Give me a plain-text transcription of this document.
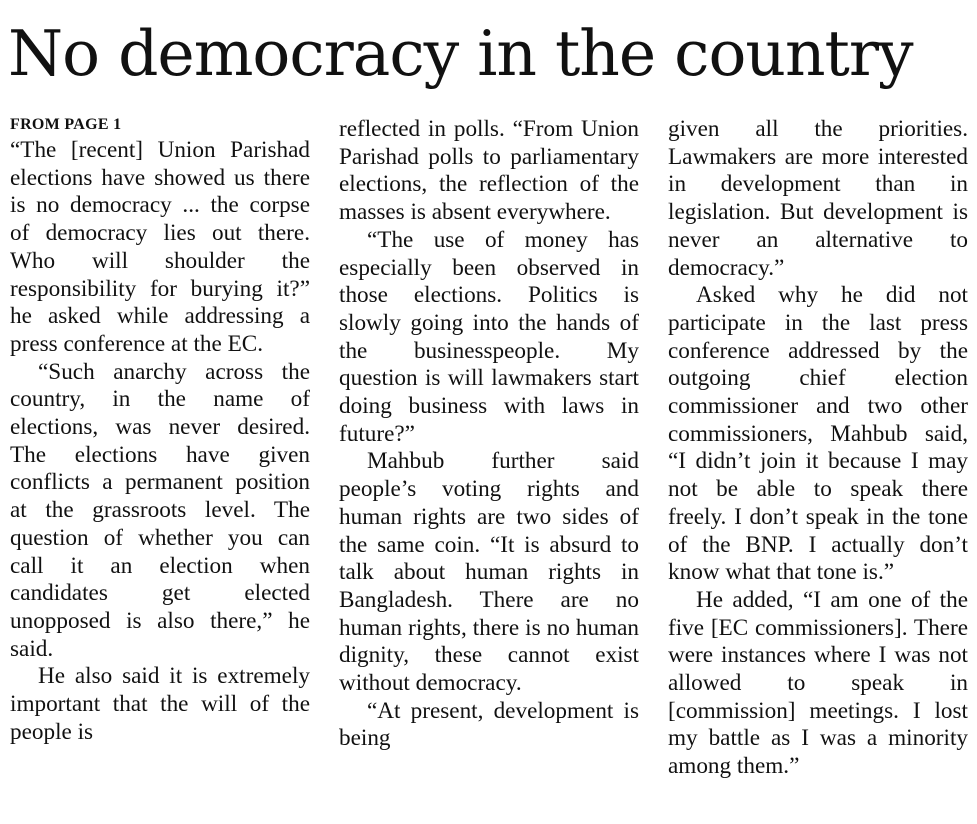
No democracy in the country
FROM PAGE 1

“The [recent] Union Parishad elections have showed us there is no democracy ... the corpse of democracy lies out there. Who will shoulder the responsibility for burying it?” he asked while addressing a press conference at the EC.

“Such anarchy across the country, in the name of elections, was never desired. The elections have given conflicts a permanent position at the grassroots level. The question of whether you can call it an election when candidates get elected unopposed is also there,” he said.

He also said it is extremely important that the will of the people is

reflected in polls. “From Union Parishad polls to parliamentary elections, the reflection of the masses is absent everywhere.

“The use of money has especially been observed in those elections. Politics is slowly going into the hands of the businesspeople. My question is will lawmakers start doing business with laws in future?”

Mahbub further said people’s voting rights and human rights are two sides of the same coin. “It is absurd to talk about human rights in Bangladesh. There are no human rights, there is no human dignity, these cannot exist without democracy.

“At present, development is being

given all the priorities. Lawmakers are more interested in development than in legislation. But development is never an alternative to democracy.”

Asked why he did not participate in the last press conference addressed by the outgoing chief election commissioner and two other commissioners, Mahbub said, “I didn’t join it because I may not be able to speak there freely. I don’t speak in the tone of the BNP. I actually don’t know what that tone is.”

He added, “I am one of the five [EC commissioners]. There were instances where I was not allowed to speak in [commission] meetings. I lost my battle as I was a minority among them.”
